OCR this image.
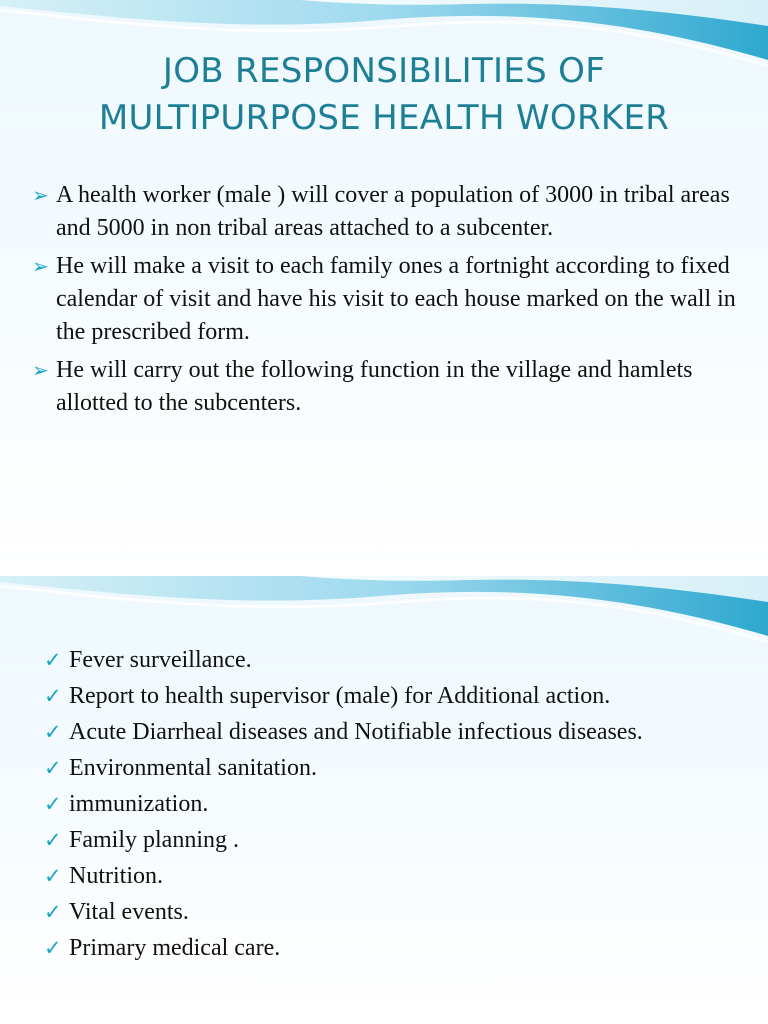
JOB RESPONSIBILITIES OF
MULTIPURPOSE HEALTH WORKER
➢ A health worker (male ) will cover a population of 3000 in tribal areas and 5000 in non tribal areas attached to a subcenter.
➢ He will make a visit to each family ones a fortnight according to fixed calendar of visit and have his visit to each house marked on the wall in the prescribed form.
➢ He will carry out the following function in the village and hamlets allotted to the subcenters.
✓ Fever surveillance.
✓ Report to health supervisor (male) for Additional action.
✓ Acute Diarrheal diseases and Notifiable infectious diseases.
✓ Environmental sanitation.
✓ immunization.
✓ Family planning .
✓ Nutrition.
✓ Vital events.
✓ Primary medical care.
